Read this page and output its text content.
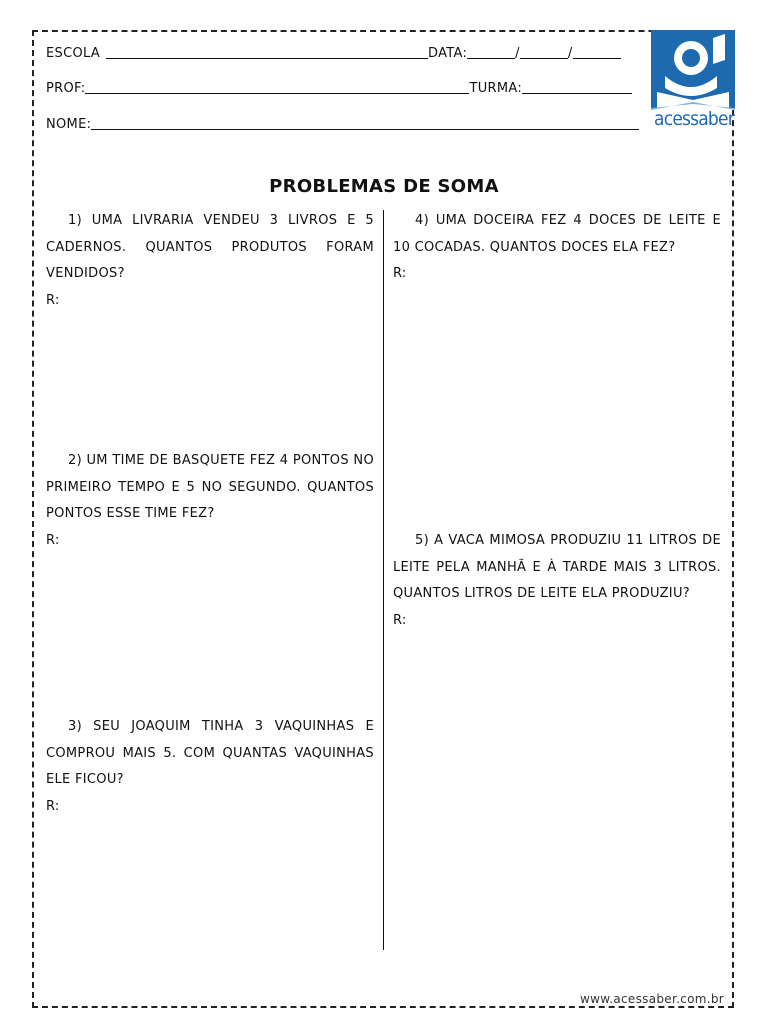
ESCOLA	DATA:	/	/
PROF:	TURMA:
NOME:	acessaber
PROBLEMAS DE SOMA

1) UMA LIVRARIA VENDEU 3 LIVROS E 5 CADERNOS. QUANTOS PRODUTOS FORAM VENDIDOS?

R:

2) UM TIME DE BASQUETE FEZ 4 PONTOS NO PRIMEIRO TEMPO E 5 NO SEGUNDO. QUANTOS PONTOS ESSE TIME FEZ?

R:

3) SEU JOAQUIM TINHA 3 VAQUINHAS E COMPROU MAIS 5. COM QUANTAS VAQUINHAS ELE FICOU?

R:

4) UMA DOCEIRA FEZ 4 DOCES DE LEITE E 10 COCADAS. QUANTOS DOCES ELA FEZ?

R:

5) A VACA MIMOSA PRODUZIU 11 LITROS DE LEITE PELA MANHÃ E À TARDE MAIS 3 LITROS. QUANTOS LITROS DE LEITE ELA PRODUZIU?

R:
www.acessaber.com.br
